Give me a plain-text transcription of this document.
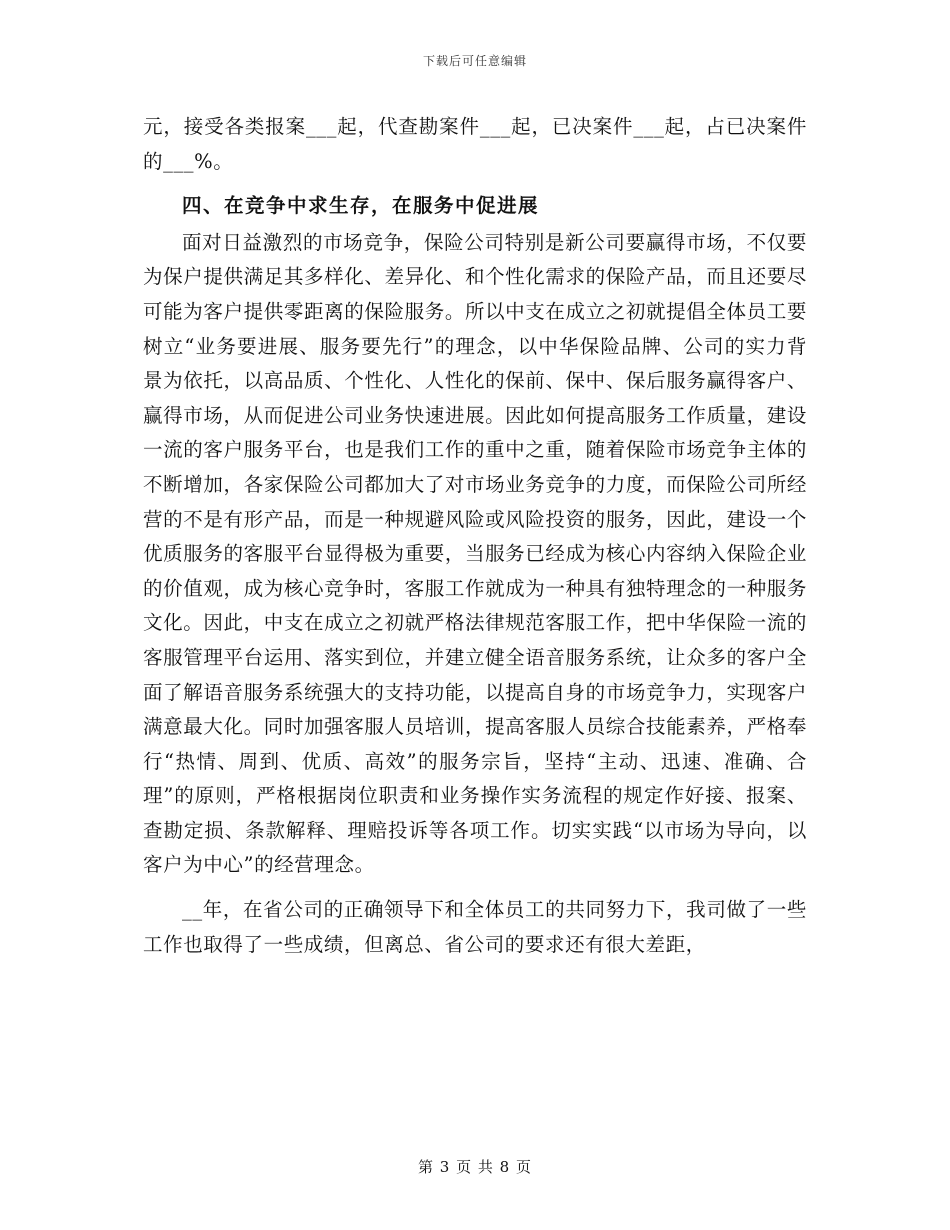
下载后可任意编辑

元，接受各类报案___起，代查勘案件___起，已决案件___起，占已决案件的___%。

四、在竞争中求生存，在服务中促进展

面对日益激烈的市场竞争，保险公司特别是新公司要赢得市场，不仅要为保户提供满足其多样化、差异化、和个性化需求的保险产品，而且还要尽可能为客户提供零距离的保险服务。所以中支在成立之初就提倡全体员工要树立“业务要进展、服务要先行”的理念，以中华保险品牌、公司的实力背景为依托，以高品质、个性化、人性化的保前、保中、保后服务赢得客户、赢得市场，从而促进公司业务快速进展。因此如何提高服务工作质量，建设一流的客户服务平台，也是我们工作的重中之重，随着保险市场竞争主体的不断增加，各家保险公司都加大了对市场业务竞争的力度，而保险公司所经营的不是有形产品，而是一种规避风险或风险投资的服务，因此，建设一个优质服务的客服平台显得极为重要，当服务已经成为核心内容纳入保险企业的价值观，成为核心竞争时，客服工作就成为一种具有独特理念的一种服务文化。因此，中支在成立之初就严格法律规范客服工作，把中华保险一流的客服管理平台运用、落实到位，并建立健全语音服务系统，让众多的客户全面了解语音服务系统强大的支持功能，以提高自身的市场竞争力，实现客户满意最大化。同时加强客服人员培训，提高客服人员综合技能素养，严格奉行“热情、周到、优质、高效”的服务宗旨，坚持“主动、迅速、准确、合理”的原则，严格根据岗位职责和业务操作实务流程的规定作好接、报案、查勘定损、条款解释、理赔投诉等各项工作。切实实践“以市场为导向，以客户为中心”的经营理念。

__年，在省公司的正确领导下和全体员工的共同努力下，我司做了一些工作也取得了一些成绩，但离总、省公司的要求还有很大差距，

第 3 页 共 8 页
